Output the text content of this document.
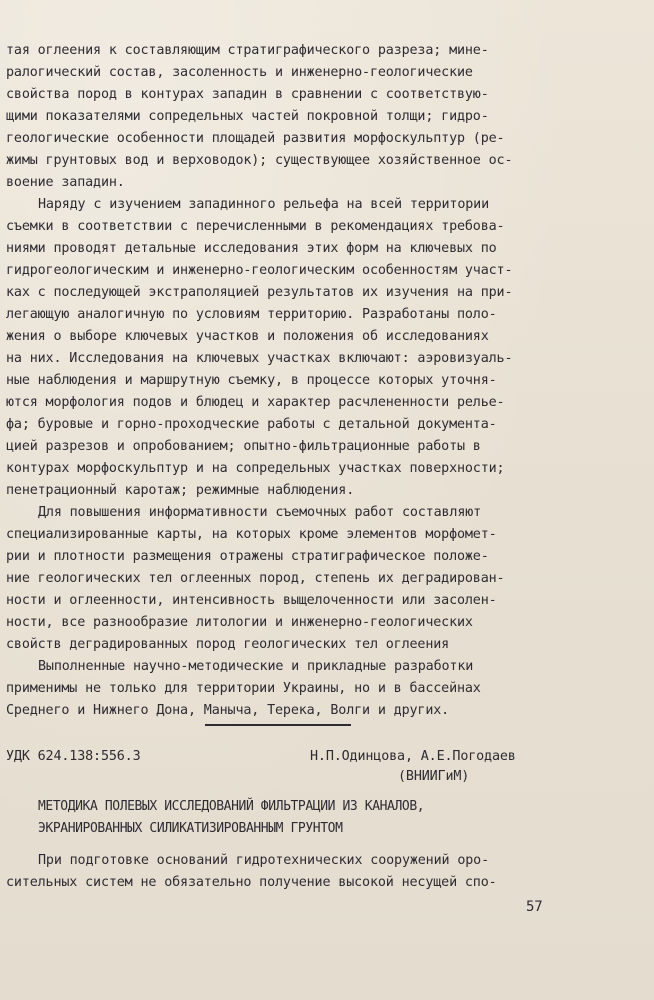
тая оглеения к составляющим стратиграфического разреза; мине-
ралогический состав, засоленность и инженерно-геологические
свойства пород в контурах западин в сравнении с соответствую-
щими показателями сопредельных частей покровной толщи; гидро-
геологические особенности площадей развития морфоскульптур (ре-
жимы грунтовых вод и верховодок); существующее хозяйственное ос-
воение западин.
Наряду с изучением западинного рельефа на всей территории
съемки в соответствии с перечисленными в рекомендациях требова-
ниями проводят детальные исследования этих форм на ключевых по
гидрогеологическим и инженерно-геологическим особенностям участ-
ках с последующей экстраполяцией результатов их изучения на при-
легающую аналогичную по условиям территорию. Разработаны поло-
жения о выборе ключевых участков и положения об исследованиях
на них. Исследования на ключевых участках включают: аэровизуаль-
ные наблюдения и маршрутную съемку, в процессе которых уточня-
ются морфология подов и блюдец и характер расчлененности релье-
фа; буровые и горно-проходческие работы с детальной документа-
цией разрезов и опробованием; опытно-фильтрационные работы в
контурах морфоскульптур и на сопредельных участках поверхности;
пенетрационный каротаж; режимные наблюдения.
Для повышения информативности съемочных работ составляют
специализированные карты, на которых кроме элементов морфомет-
рии и плотности размещения отражены стратиграфическое положе-
ние геологических тел оглеенных пород, степень их деградирован-
ности и оглеенности, интенсивность выщелоченности или засолен-
ности, все разнообразие литологии и инженерно-геологических
свойств деградированных пород геологических тел оглеения
Выполненные научно-методические и прикладные разработки
применимы не только для территории Украины, но и в бассейнах
Среднего и Нижнего Дона, Маныча, Терека, Волги и других.
УДК 624.138:556.3	Н.П.Одинцова, А.Е.Погодаев
(ВНИИГиМ)
МЕТОДИКА ПОЛЕВЫХ ИССЛЕДОВАНИЙ ФИЛЬТРАЦИИ ИЗ КАНАЛОВ,
ЭКРАНИРОВАННЫХ СИЛИКАТИЗИРОВАННЫМ ГРУНТОМ
При подготовке оснований гидротехнических сооружений оро-
сительных систем не обязательно получение высокой несущей спо-
57
